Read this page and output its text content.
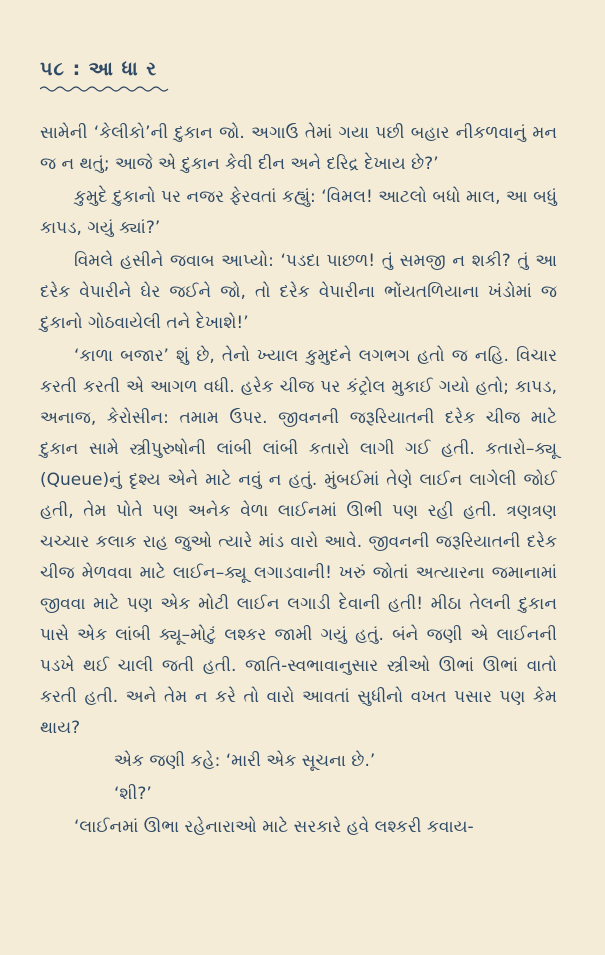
૫૮ : આ ધા ર

સામેની ‘કેલીકો’ની દુકાન જો. અગાઉ તેમાં ગયા પછી બહાર નીકળવાનું મન જ ન થતું; આજે એ દુકાન કેવી દીન અને દરિદ્ર દેખાય છે?’

કુમુદે દુકાનો પર નજર ફેરવતાં કહ્યું: ‘વિમલ! આટલો બધો માલ, આ બધું કાપડ, ગયું ક્યાં?’

વિમલે હસીને જવાબ આપ્યો: ‘પડદા પાછળ! તું સમજી ન શકી? તું આ દરેક વેપારીને ઘેર જઈને જો, તો દરેક વેપારીના ભોંયતળિયાના ખંડોમાં જ દુકાનો ગોઠવાયેલી તને દેખાશે!’

‘કાળા બજાર’ શું છે, તેનો ખ્યાલ કુમુદને લગભગ હતો જ નહિ. વિચાર કરતી કરતી એ આગળ વધી. હરેક ચીજ પર કંટ્રોલ મુકાઈ ગયો હતો; કાપડ, અનાજ, કેરોસીન: તમામ ઉપર. જીવનની જરૂરિયાતની દરેક ચીજ માટે દુકાન સામે સ્ત્રીપુરુષોની લાંબી લાંબી કતારો લાગી ગઈ હતી. કતારો–ક્યૂ (Queue)નું દૃશ્ય એને માટે નવું ન હતું. મુંબઈમાં તેણે લાઈન લાગેલી જોઈ હતી, તેમ પોતે પણ અનેક વેળા લાઈનમાં ઊભી પણ રહી હતી. ત્રણત્રણ ચચ્ચાર કલાક રાહ જુઓ ત્યારે માંડ વારો આવે. જીવનની જરૂરિયાતની દરેક ચીજ મેળવવા માટે લાઈન–ક્યૂ લગાડવાની! ખરું જોતાં અત્યારના જમાનામાં જીવવા માટે પણ એક મોટી લાઈન લગાડી દેવાની હતી! મીઠા તેલની દુકાન પાસે એક લાંબી ક્યૂ–મોટું લશ્કર જામી ગયું હતું. બંને જણી એ લાઈનની પડખે થઈ ચાલી જતી હતી. જાતિ-સ્વભાવાનુસાર સ્ત્રીઓ ઊભાં ઊભાં વાતો કરતી હતી. અને તેમ ન કરે તો વારો આવતાં સુધીનો વખત પસાર પણ કેમ થાય?

એક જણી કહે: ‘મારી એક સૂચના છે.’

‘શી?’

‘લાઈનમાં ઊભા રહેનારાઓ માટે સરકારે હવે લશ્કરી કવાય-
